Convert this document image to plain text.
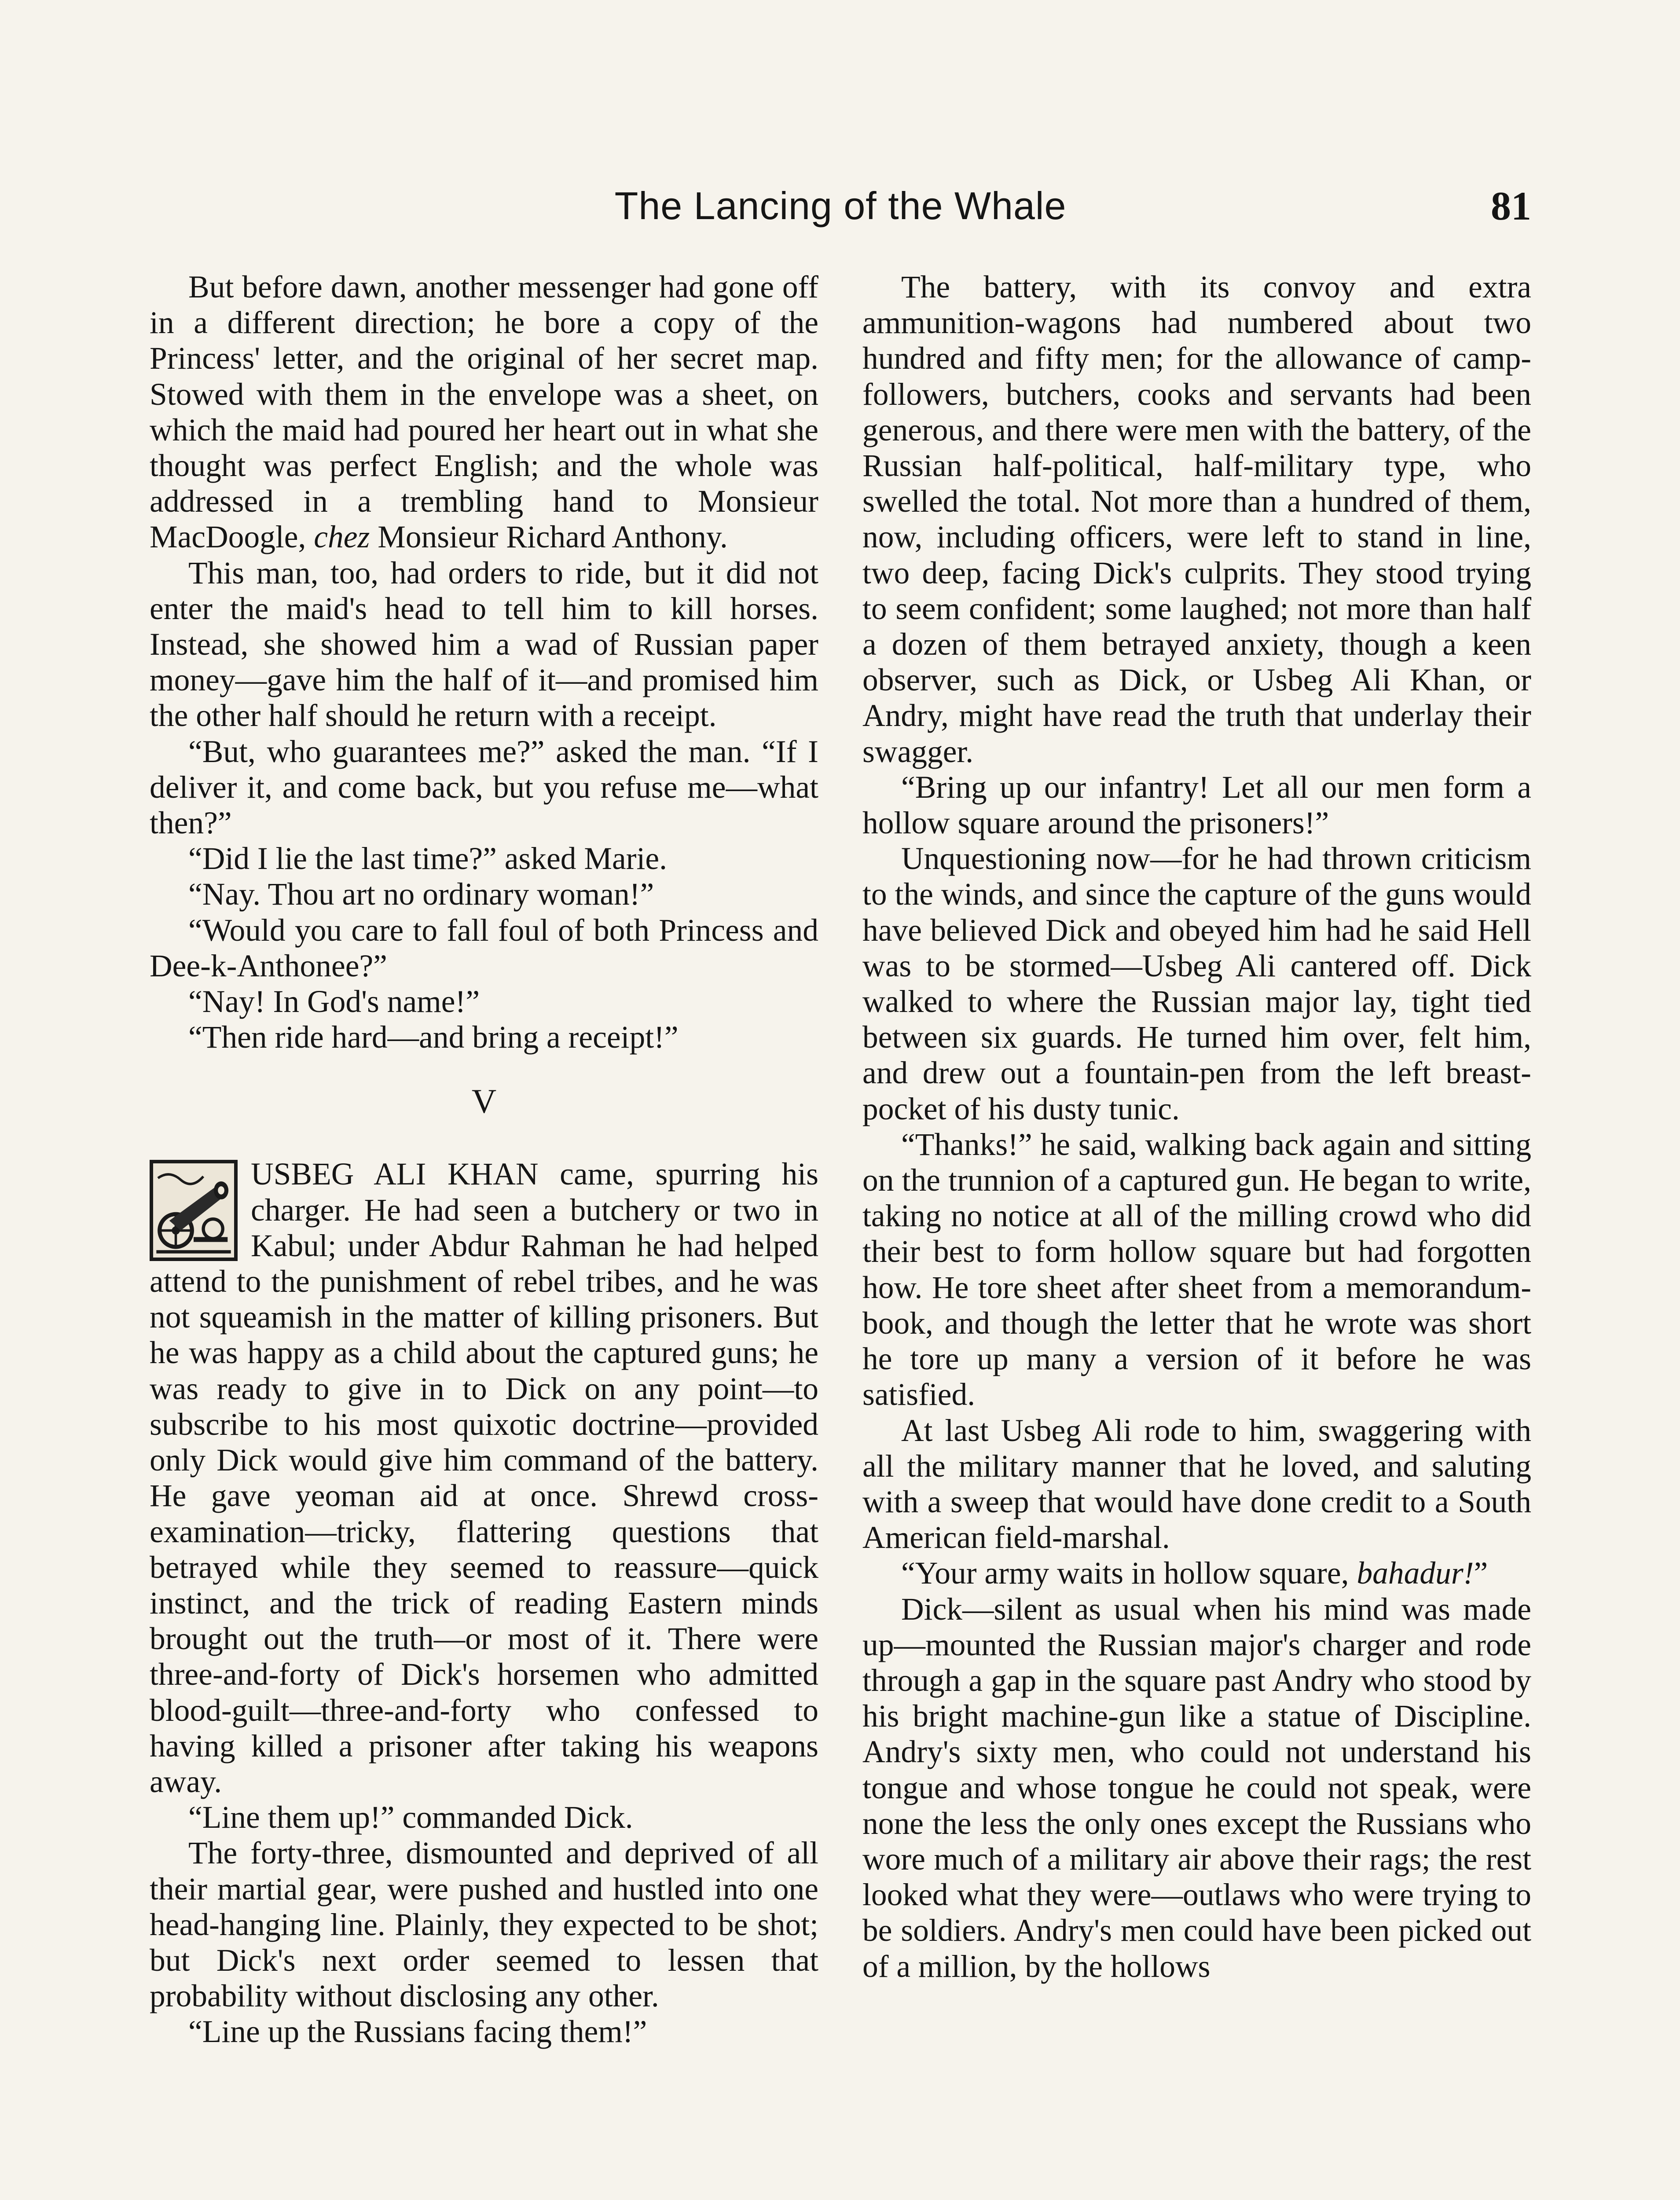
The Lancing of the Whale	81

But before dawn, another messenger had gone off in a different direction; he bore a copy of the Princess' letter, and the original of her secret map. Stowed with them in the envelope was a sheet, on which the maid had poured her heart out in what she thought was perfect English; and the whole was addressed in a trembling hand to Monsieur MacDoogle, chez Monsieur Richard Anthony.

This man, too, had orders to ride, but it did not enter the maid's head to tell him to kill horses. Instead, she showed him a wad of Russian paper money—gave him the half of it—and promised him the other half should he return with a receipt.

“But, who guarantees me?” asked the man. “If I deliver it, and come back, but you refuse me—what then?”

“Did I lie the last time?” asked Marie.

“Nay. Thou art no ordinary woman!”

“Would you care to fall foul of both Princess and Dee-k-Anthonee?”

“Nay! In God's name!”

“Then ride hard—and bring a receipt!”

V

USBEG ALI KHAN came, spurring his charger. He had seen a butchery or two in Kabul; under Abdur Rahman he had helped attend to the punishment of rebel tribes, and he was not squeamish in the matter of killing prisoners. But he was happy as a child about the captured guns; he was ready to give in to Dick on any point—to subscribe to his most quixotic doctrine—provided only Dick would give him command of the battery. He gave yeoman aid at once. Shrewd cross-examination—tricky, flattering questions that betrayed while they seemed to reassure—quick instinct, and the trick of reading Eastern minds brought out the truth—or most of it. There were three-and-forty of Dick's horsemen who admitted blood-guilt—three-and-forty who confessed to having killed a prisoner after taking his weapons away.

“Line them up!” commanded Dick.

The forty-three, dismounted and deprived of all their martial gear, were pushed and hustled into one head-hanging line. Plainly, they expected to be shot; but Dick's next order seemed to lessen that probability without disclosing any other.

“Line up the Russians facing them!”

The battery, with its convoy and extra ammunition-wagons had numbered about two hundred and fifty men; for the allowance of camp-followers, butchers, cooks and servants had been generous, and there were men with the battery, of the Russian half-political, half-military type, who swelled the total. Not more than a hundred of them, now, including officers, were left to stand in line, two deep, facing Dick's culprits. They stood trying to seem confident; some laughed; not more than half a dozen of them betrayed anxiety, though a keen observer, such as Dick, or Usbeg Ali Khan, or Andry, might have read the truth that underlay their swagger.

“Bring up our infantry! Let all our men form a hollow square around the prisoners!”

Unquestioning now—for he had thrown criticism to the winds, and since the capture of the guns would have believed Dick and obeyed him had he said Hell was to be stormed—Usbeg Ali cantered off. Dick walked to where the Russian major lay, tight tied between six guards. He turned him over, felt him, and drew out a fountain-pen from the left breast-pocket of his dusty tunic.

“Thanks!” he said, walking back again and sitting on the trunnion of a captured gun. He began to write, taking no notice at all of the milling crowd who did their best to form hollow square but had forgotten how. He tore sheet after sheet from a memorandum-book, and though the letter that he wrote was short he tore up many a version of it before he was satisfied.

At last Usbeg Ali rode to him, swaggering with all the military manner that he loved, and saluting with a sweep that would have done credit to a South American field-marshal.

“Your army waits in hollow square, bahadur!”

Dick—silent as usual when his mind was made up—mounted the Russian major's charger and rode through a gap in the square past Andry who stood by his bright machine-gun like a statue of Discipline. Andry's sixty men, who could not understand his tongue and whose tongue he could not speak, were none the less the only ones except the Russians who wore much of a military air above their rags; the rest looked what they were—outlaws who were trying to be soldiers. Andry's men could have been picked out of a million, by the hollows
